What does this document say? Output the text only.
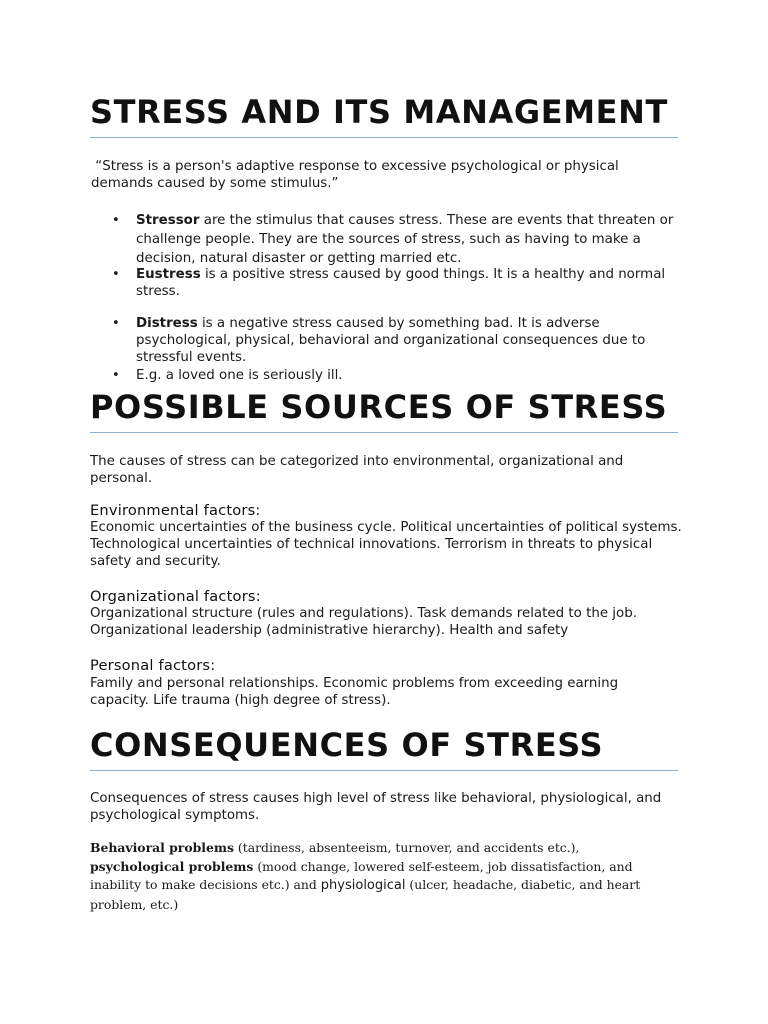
STRESS AND ITS MANAGEMENT

“Stress is a person's adaptive response to excessive psychological or physical demands caused by some stimulus.”

• Stressor are the stimulus that causes stress. These are events that threaten or challenge people. They are the sources of stress, such as having to make a decision, natural disaster or getting married etc.
• Eustress is a positive stress caused by good things. It is a healthy and normal stress.
• Distress is a negative stress caused by something bad. It is adverse psychological, physical, behavioral and organizational consequences due to stressful events.
• E.g. a loved one is seriously ill.
POSSIBLE SOURCES OF STRESS
The causes of stress can be categorized into environmental, organizational and personal.
Environmental factors:
Economic uncertainties of the business cycle. Political uncertainties of political systems. Technological uncertainties of technical innovations. Terrorism in threats to physical safety and security.
Organizational factors:
Organizational structure (rules and regulations). Task demands related to the job. Organizational leadership (administrative hierarchy). Health and safety
Personal factors:
Family and personal relationships. Economic problems from exceeding earning capacity. Life trauma (high degree of stress).
CONSEQUENCES OF STRESS
Consequences of stress causes high level of stress like behavioral, physiological, and psychological symptoms.
Behavioral problems (tardiness, absenteeism, turnover, and accidents etc.), psychological problems (mood change, lowered self-esteem, job dissatisfaction, and inability to make decisions etc.) and physiological (ulcer, headache, diabetic, and heart problem, etc.)
